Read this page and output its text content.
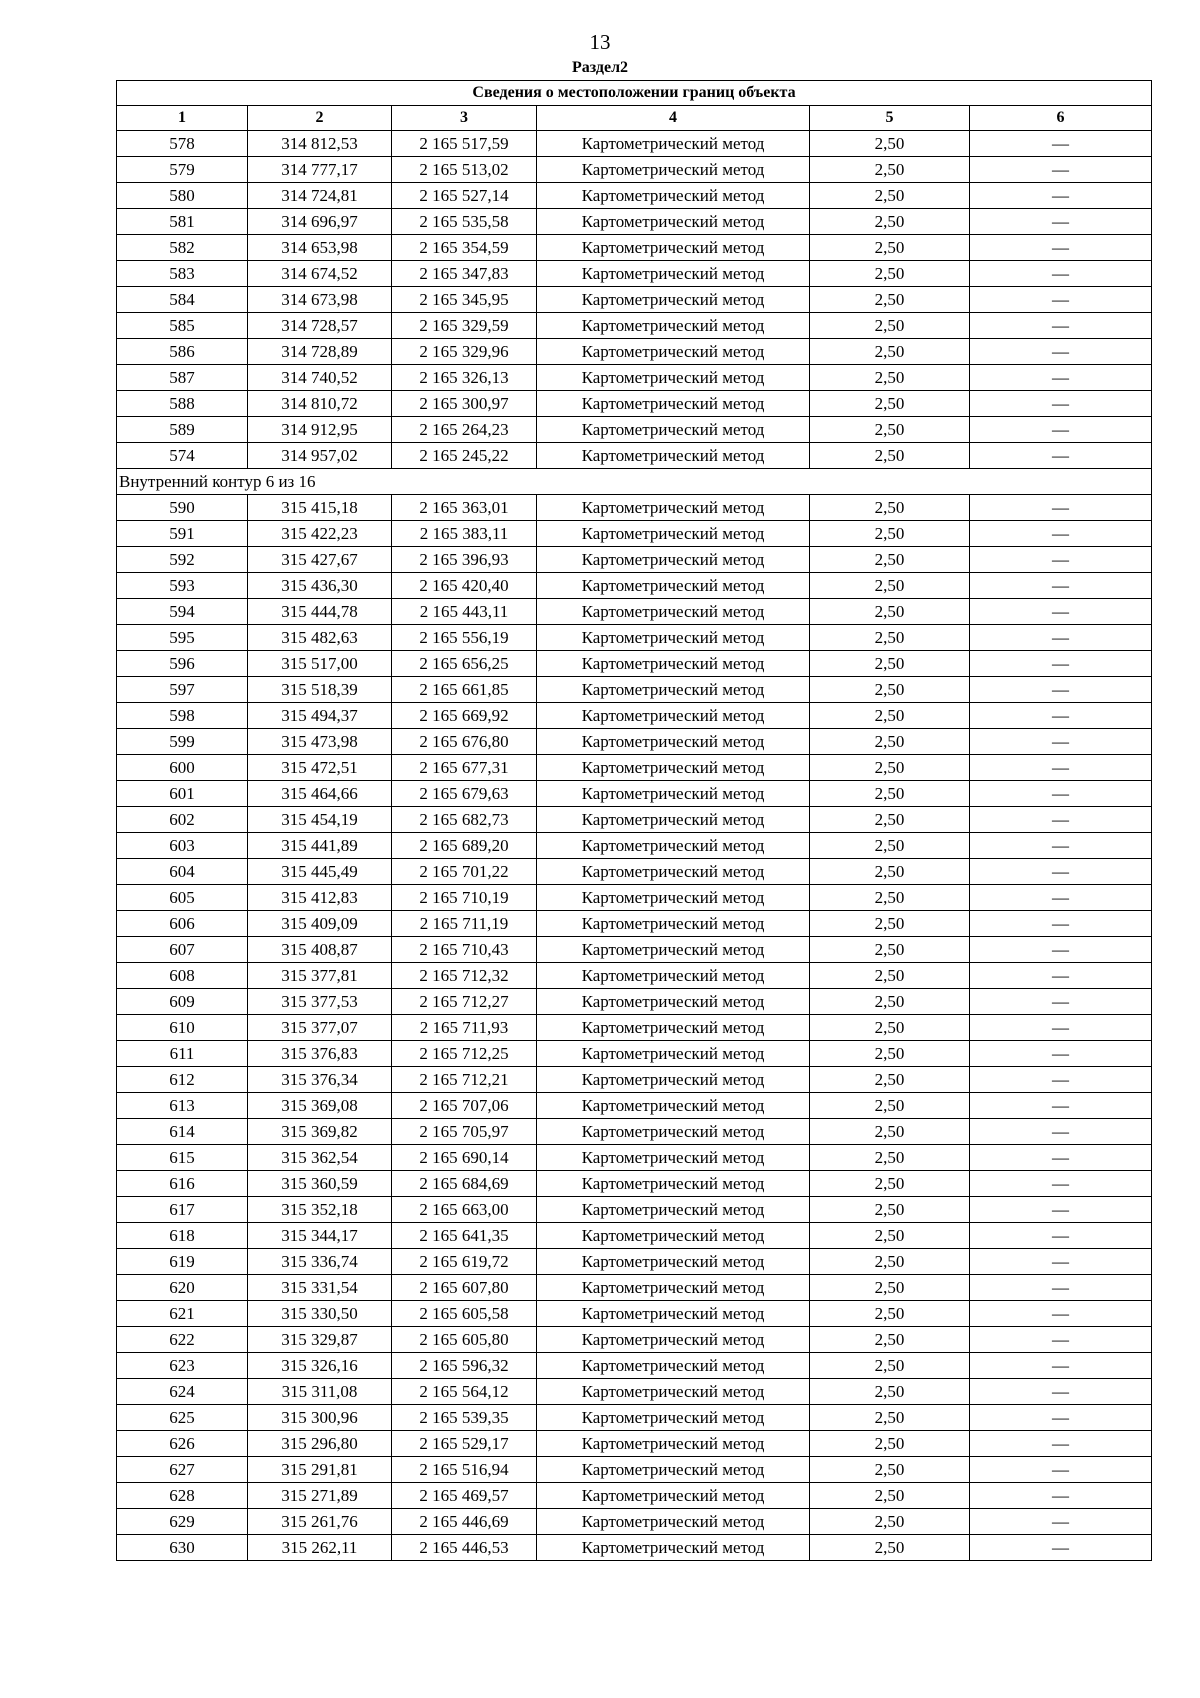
13
Раздел2
Сведения о местоположении границ объекта					
1	2	3	4	5	6
578	314 812,53	2 165 517,59	Картометрический метод	2,50	—
579	314 777,17	2 165 513,02	Картометрический метод	2,50	—
580	314 724,81	2 165 527,14	Картометрический метод	2,50	—
581	314 696,97	2 165 535,58	Картометрический метод	2,50	—
582	314 653,98	2 165 354,59	Картометрический метод	2,50	—
583	314 674,52	2 165 347,83	Картометрический метод	2,50	—
584	314 673,98	2 165 345,95	Картометрический метод	2,50	—
585	314 728,57	2 165 329,59	Картометрический метод	2,50	—
586	314 728,89	2 165 329,96	Картометрический метод	2,50	—
587	314 740,52	2 165 326,13	Картометрический метод	2,50	—
588	314 810,72	2 165 300,97	Картометрический метод	2,50	—
589	314 912,95	2 165 264,23	Картометрический метод	2,50	—
574	314 957,02	2 165 245,22	Картометрический метод	2,50	—
Внутренний контур 6 из 16					
590	315 415,18	2 165 363,01	Картометрический метод	2,50	—
591	315 422,23	2 165 383,11	Картометрический метод	2,50	—
592	315 427,67	2 165 396,93	Картометрический метод	2,50	—
593	315 436,30	2 165 420,40	Картометрический метод	2,50	—
594	315 444,78	2 165 443,11	Картометрический метод	2,50	—
595	315 482,63	2 165 556,19	Картометрический метод	2,50	—
596	315 517,00	2 165 656,25	Картометрический метод	2,50	—
597	315 518,39	2 165 661,85	Картометрический метод	2,50	—
598	315 494,37	2 165 669,92	Картометрический метод	2,50	—
599	315 473,98	2 165 676,80	Картометрический метод	2,50	—
600	315 472,51	2 165 677,31	Картометрический метод	2,50	—
601	315 464,66	2 165 679,63	Картометрический метод	2,50	—
602	315 454,19	2 165 682,73	Картометрический метод	2,50	—
603	315 441,89	2 165 689,20	Картометрический метод	2,50	—
604	315 445,49	2 165 701,22	Картометрический метод	2,50	—
605	315 412,83	2 165 710,19	Картометрический метод	2,50	—
606	315 409,09	2 165 711,19	Картометрический метод	2,50	—
607	315 408,87	2 165 710,43	Картометрический метод	2,50	—
608	315 377,81	2 165 712,32	Картометрический метод	2,50	—
609	315 377,53	2 165 712,27	Картометрический метод	2,50	—
610	315 377,07	2 165 711,93	Картометрический метод	2,50	—
611	315 376,83	2 165 712,25	Картометрический метод	2,50	—
612	315 376,34	2 165 712,21	Картометрический метод	2,50	—
613	315 369,08	2 165 707,06	Картометрический метод	2,50	—
614	315 369,82	2 165 705,97	Картометрический метод	2,50	—
615	315 362,54	2 165 690,14	Картометрический метод	2,50	—
616	315 360,59	2 165 684,69	Картометрический метод	2,50	—
617	315 352,18	2 165 663,00	Картометрический метод	2,50	—
618	315 344,17	2 165 641,35	Картометрический метод	2,50	—
619	315 336,74	2 165 619,72	Картометрический метод	2,50	—
620	315 331,54	2 165 607,80	Картометрический метод	2,50	—
621	315 330,50	2 165 605,58	Картометрический метод	2,50	—
622	315 329,87	2 165 605,80	Картометрический метод	2,50	—
623	315 326,16	2 165 596,32	Картометрический метод	2,50	—
624	315 311,08	2 165 564,12	Картометрический метод	2,50	—
625	315 300,96	2 165 539,35	Картометрический метод	2,50	—
626	315 296,80	2 165 529,17	Картометрический метод	2,50	—
627	315 291,81	2 165 516,94	Картометрический метод	2,50	—
628	315 271,89	2 165 469,57	Картометрический метод	2,50	—
629	315 261,76	2 165 446,69	Картометрический метод	2,50	—
630	315 262,11	2 165 446,53	Картометрический метод	2,50	—
